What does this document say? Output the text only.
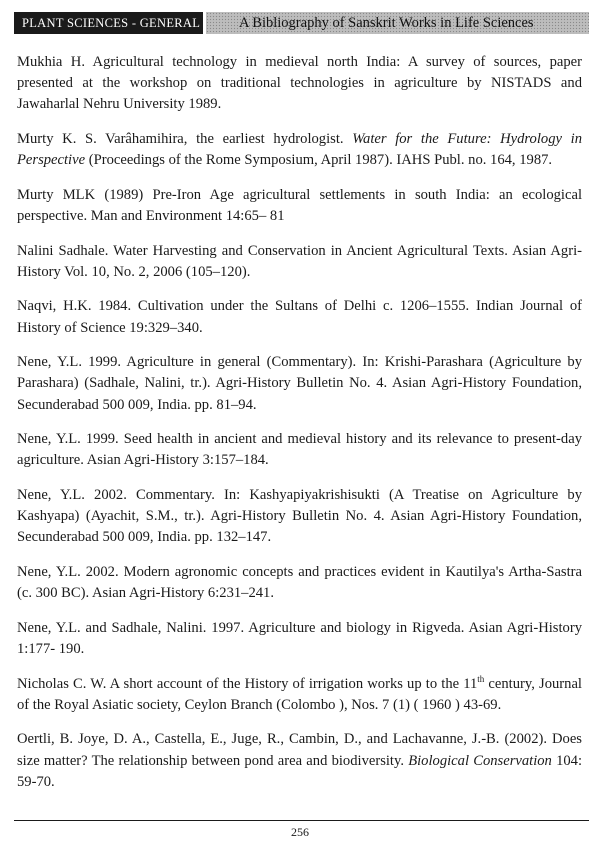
PLANT SCIENCES - GENERAL	A Bibliography of Sanskrit Works in Life Sciences

Mukhia H. Agricultural technology in medieval north India: A survey of sources, paper presented at the workshop on traditional technologies in agriculture by NISTADS and Jawaharlal Nehru University 1989.

Murty K. S. Varâhamihira, the earliest hydrologist. Water for the Future: Hydrology in Perspective (Proceedings of the Rome Symposium, April 1987). IAHS Publ. no. 164, 1987.

Murty MLK (1989) Pre-Iron Age agricultural settlements in south India: an ecological perspective. Man and Environment 14:65– 81

Nalini Sadhale. Water Harvesting and Conservation in Ancient Agricultural Texts. Asian Agri-History Vol. 10, No. 2, 2006 (105–120).

Naqvi, H.K. 1984. Cultivation under the Sultans of Delhi c. 1206–1555. Indian Journal of History of Science 19:329–340.

Nene, Y.L. 1999. Agriculture in general (Commentary). In: Krishi-Parashara (Agriculture by Parashara) (Sadhale, Nalini, tr.). Agri-History Bulletin No. 4. Asian Agri-History Foundation, Secunderabad 500 009, India. pp. 81–94.

Nene, Y.L. 1999. Seed health in ancient and medieval history and its relevance to present-day agriculture. Asian Agri-History 3:157–184.

Nene, Y.L. 2002. Commentary. In: Kashyapiyakrishisukti (A Treatise on Agriculture by Kashyapa) (Ayachit, S.M., tr.). Agri-History Bulletin No. 4. Asian Agri-History Foundation, Secunderabad 500 009, India. pp. 132–147.

Nene, Y.L. 2002. Modern agronomic concepts and practices evident in Kautilya's Artha-Sastra (c. 300 BC). Asian Agri-History 6:231–241.

Nene, Y.L. and Sadhale, Nalini. 1997. Agriculture and biology in Rigveda. Asian Agri-History 1:177- 190.

Nicholas C. W. A short account of the History of irrigation works up to the 11th century, Journal of the Royal Asiatic society, Ceylon Branch (Colombo ), Nos. 7 (1) ( 1960 ) 43-69.

Oertli, B. Joye, D. A., Castella, E., Juge, R., Cambin, D., and Lachavanne, J.-B. (2002). Does size matter? The relationship between pond area and biodiversity. Biological Conservation 104: 59-70.

256
